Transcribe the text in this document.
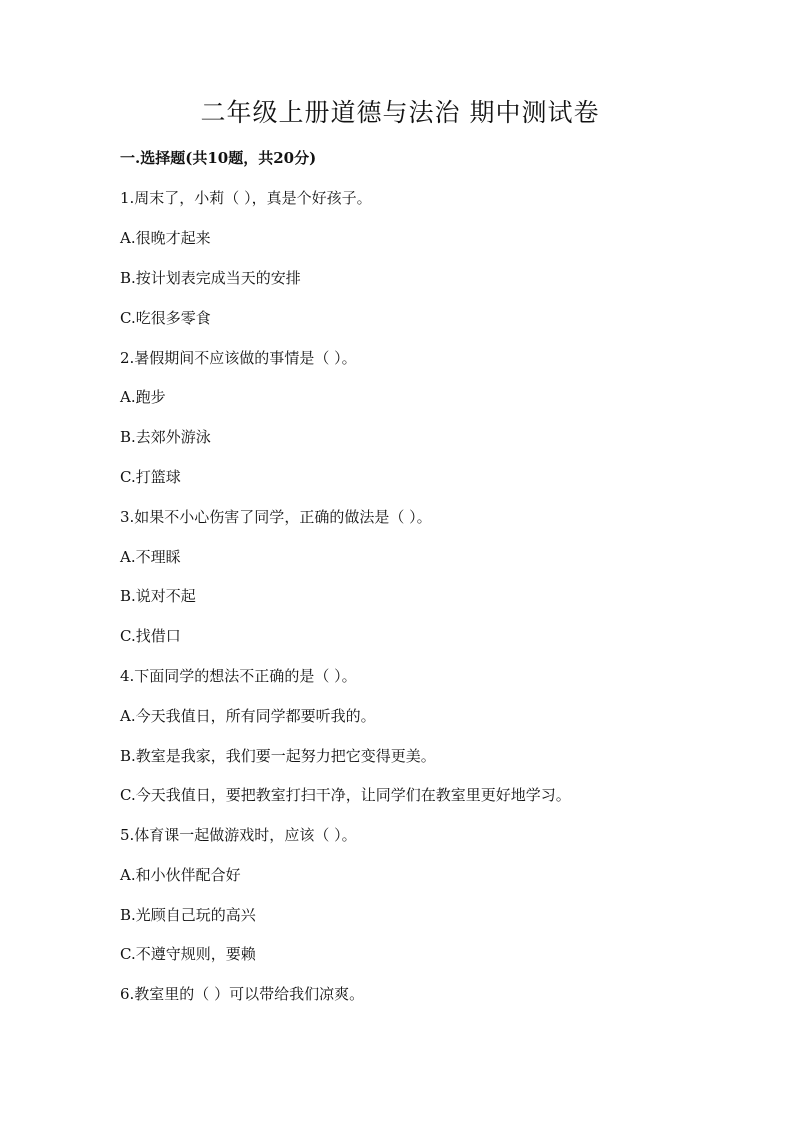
二年级上册道德与法治 期中测试卷
一.选择题(共10题，共20分)
1.周末了，小莉（ ），真是个好孩子。
A.很晚才起来
B.按计划表完成当天的安排
C.吃很多零食
2.暑假期间不应该做的事情是（ ）。
A.跑步
B.去郊外游泳
C.打篮球
3.如果不小心伤害了同学，正确的做法是（ ）。
A.不理睬
B.说对不起
C.找借口
4.下面同学的想法不正确的是（ ）。
A.今天我值日，所有同学都要听我的。
B.教室是我家，我们要一起努力把它变得更美。
C.今天我值日，要把教室打扫干净，让同学们在教室里更好地学习。
5.体育课一起做游戏时，应该（ ）。
A.和小伙伴配合好
B.光顾自己玩的高兴
C.不遵守规则，要赖
6.教室里的（ ）可以带给我们凉爽。
